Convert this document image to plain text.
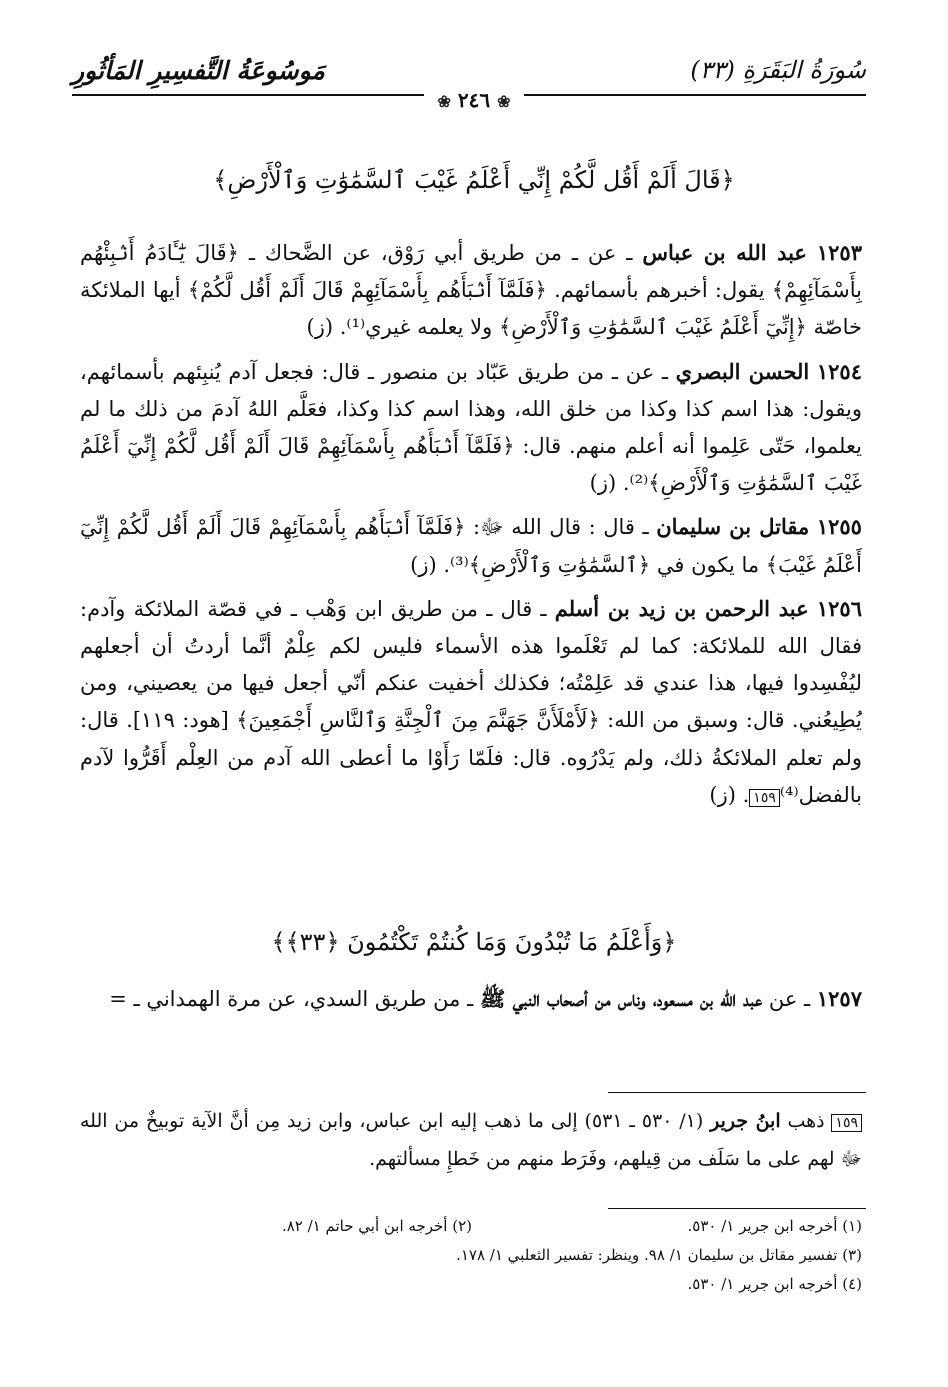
سُورَةُ البَقَرَةِ (٣٣)
مَوسُوعَةُ التَّفسِيرِ المَأثُورِ
❀ ٢٤٦ ❀
﴿قَالَ أَلَمْ أَقُل لَّكُمْ إِنِّي أَعْلَمُ غَيْبَ ٱلسَّمَٰوَٰتِ وَٱلْأَرْضِ﴾

١٢٥٣ عبد الله بن عباس ـ عن ـ من طريق أبي رَوْق، عن الضَّحاك ـ ﴿قَالَ يَٰٓـَٔادَمُ أَنۢبِئْهُم بِأَسْمَآئِهِمْ﴾ يقول: أخبرهم بأسمائهم. ﴿فَلَمَّآ أَنۢبَأَهُم بِأَسْمَآئِهِمْ قَالَ أَلَمْ أَقُل لَّكُمْ﴾ أيها الملائكة خاصّة ﴿إِنِّيٓ أَعْلَمُ غَيْبَ ٱلسَّمَٰوَٰتِ وَٱلْأَرْضِ﴾ ولا يعلمه غيري⁽¹⁾. (ز)

١٢٥٤ الحسن البصري ـ عن ـ من طريق عَبّاد بن منصور ـ قال: فجعل آدم يُنبِئهم بأسمائهم، ويقول: هذا اسم كذا وكذا من خلق الله، وهذا اسم كذا وكذا، فعَلَّم اللهُ آدمَ من ذلك ما لم يعلموا، حَتّى عَلِموا أنه أعلم منهم. قال: ﴿فَلَمَّآ أَنۢبَأَهُم بِأَسْمَآئِهِمْ قَالَ أَلَمْ أَقُل لَّكُمْ إِنِّيٓ أَعْلَمُ غَيْبَ ٱلسَّمَٰوَٰتِ وَٱلْأَرْضِ﴾⁽²⁾. (ز)

١٢٥٥ مقاتل بن سليمان ـ قال : قال الله ﷻ: ﴿فَلَمَّآ أَنۢبَأَهُم بِأَسْمَآئِهِمْ قَالَ أَلَمْ أَقُل لَّكُمْ إِنِّيٓ أَعْلَمُ غَيْبَ﴾ ما يكون في ﴿ٱلسَّمَٰوَٰتِ وَٱلْأَرْضِ﴾⁽³⁾. (ز)

١٢٥٦ عبد الرحمن بن زيد بن أسلم ـ قال ـ من طريق ابن وَهْب ـ في قصّة الملائكة وآدم: فقال الله للملائكة: كما لم تَعْلَموا هذه الأسماء فليس لكم عِلْمٌ أنَّما أردتُ أن أجعلهم ليُفْسِدوا فيها، هذا عندي قد عَلِمْتُه؛ فكذلك أخفيت عنكم أنّي أجعل فيها من يعصيني، ومن يُطِيعُني. قال: وسبق من الله: ﴿لَأَمْلَأَنَّ جَهَنَّمَ مِنَ ٱلْجِنَّةِ وَٱلنَّاسِ أَجْمَعِينَ﴾ [هود: ١١٩]. قال: ولم تعلم الملائكةُ ذلك، ولم يَدْرُوه. قال: فلَمّا رَأَوْا ما أعطى الله آدم من العِلْم أَقَرُّوا لآدم بالفضل⁽⁴⁾١٥٩. (ز)

﴿وَأَعْلَمُ مَا تُبْدُونَ وَمَا كُنتُمْ تَكْتُمُونَ ﴿٣٣﴾﴾
١٢٥٧ ـ عن عبد الله بن مسعود، وناس من أصحاب النبي ﷺ ـ من طريق السدي، عن مرة الهمداني ـ =
١٥٩ ذهب ابنُ جرير (١/ ٥٣٠ ـ ٥٣١) إلى ما ذهب إليه ابن عباس، وابن زيد مِن أنَّ الآية توبيخٌ من الله ﷻ لهم على ما سَلَف من قِيلهم، وفَرَط منهم من خَطإِ مسألتهم.
(١) أخرجه ابن جرير ١/ ٥٣٠.
(٢) أخرجه ابن أبي حاتم ١/ ٨٢.
(٣) تفسير مقاتل بن سليمان ١/ ٩٨. وينظر: تفسير الثعلبي ١/ ١٧٨.
(٤) أخرجه ابن جرير ١/ ٥٣٠.
